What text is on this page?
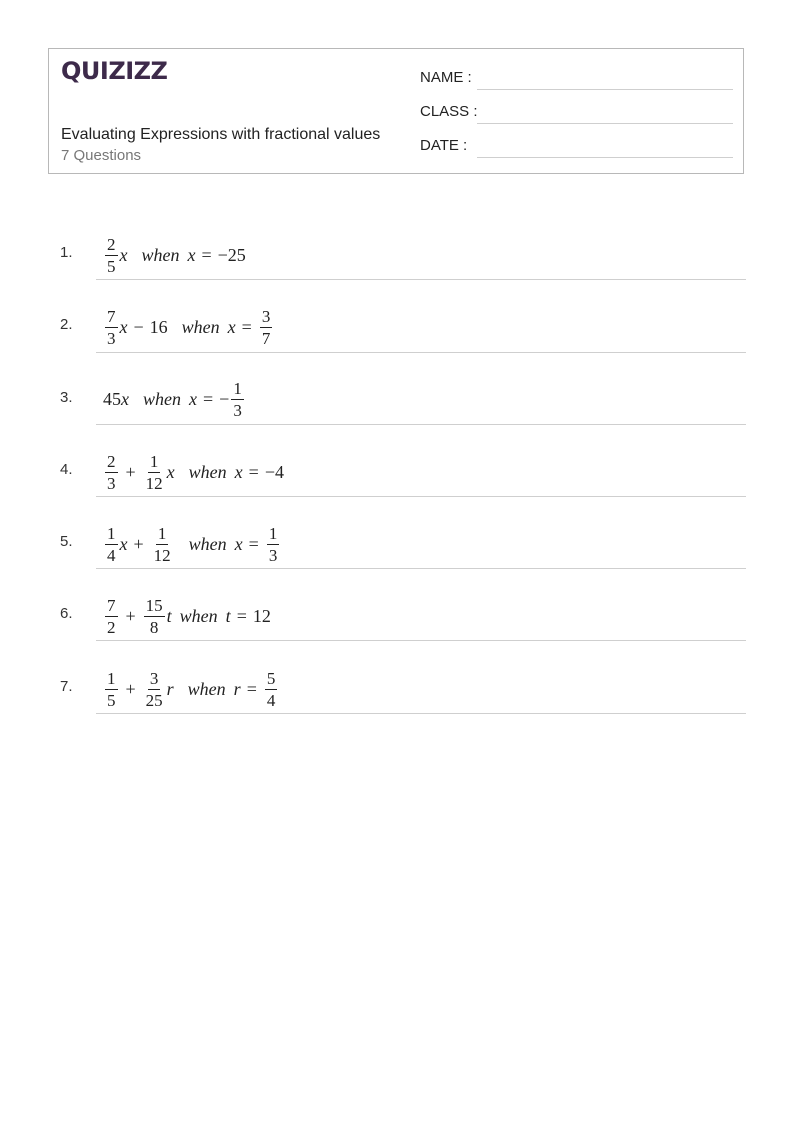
QUIZIZZ
Evaluating Expressions with fractional values
7 Questions
NAME :
CLASS :
DATE :
1. $\frac{2}{5}$ x when x = −25
2. $\frac{7}{3}$ x − 16 when $x = \frac{3}{7}$
3. 45 x when x = − $\frac{1}{3}$
4. $\frac{2}{3} + \frac{1}{12}$ x when x = −4
5. $\frac{1}{4}$ $x + \frac{1}{12}$ when $x = \frac{1}{3}$
6. $\frac{7}{2} + \frac{15}{8}$ t when t = 12
7. $\frac{1}{5} + \frac{3}{25}$ r when $r = \frac{5}{4}$
